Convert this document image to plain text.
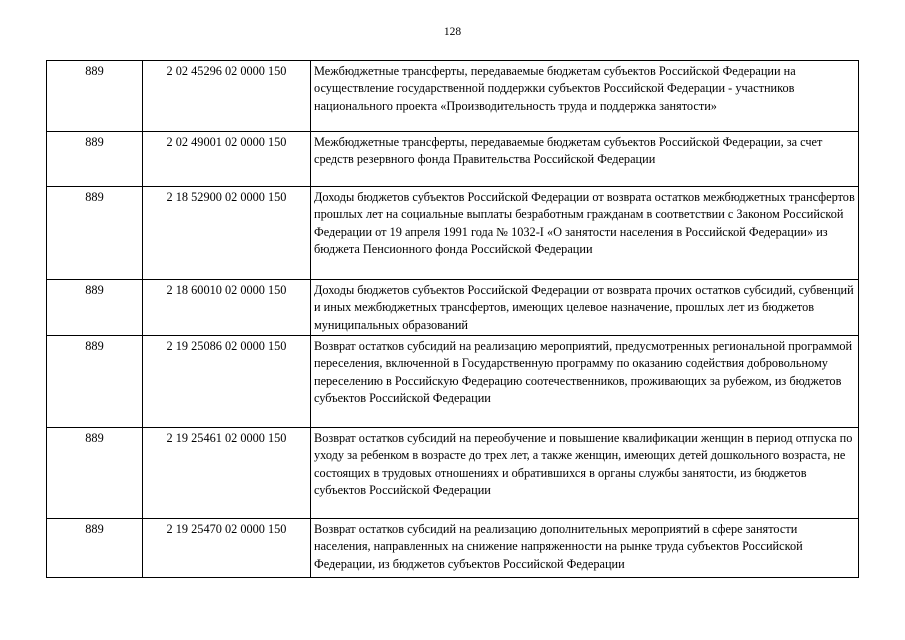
128
889	2 02 45296 02 0000 150	Межбюджетные трансферты, передаваемые бюджетам субъектов Российской Федерации на осуществление государственной поддержки субъектов Российской Федерации - участников национального проекта «Производительность труда и поддержка занятости»
889	2 02 49001 02 0000 150	Межбюджетные трансферты, передаваемые бюджетам субъектов Российской Федерации, за счет средств резервного фонда Правительства Российской Федерации
889	2 18 52900 02 0000 150	Доходы бюджетов субъектов Российской Федерации от возврата остатков межбюджетных трансфертов прошлых лет на социальные выплаты безработным гражданам в соответствии с Законом Российской Федерации от 19 апреля 1991 года № 1032-I «О занятости населения в Российской Федерации» из бюджета Пенсионного фонда Российской Федерации
889	2 18 60010 02 0000 150	Доходы бюджетов субъектов Российской Федерации от возврата прочих остатков субсидий, субвенций и иных межбюджетных трансфертов, имеющих целевое назначение, прошлых лет из бюджетов муниципальных образований
889	2 19 25086 02 0000 150	Возврат остатков субсидий на реализацию мероприятий, предусмотренных региональной программой переселения, включенной в Государственную программу по оказанию содействия добровольному переселению в Российскую Федерацию соотечественников, проживающих за рубежом, из бюджетов субъектов Российской Федерации
889	2 19 25461 02 0000 150	Возврат остатков субсидий на переобучение и повышение квалификации женщин в период отпуска по уходу за ребенком в возрасте до трех лет, а также женщин, имеющих детей дошкольного возраста, не состоящих в трудовых отношениях и обратившихся в органы службы занятости, из бюджетов субъектов Российской Федерации
889	2 19 25470 02 0000 150	Возврат остатков субсидий на реализацию дополнительных мероприятий в сфере занятости населения, направленных на снижение напряженности на рынке труда субъектов Российской Федерации, из бюджетов субъектов Российской Федерации
